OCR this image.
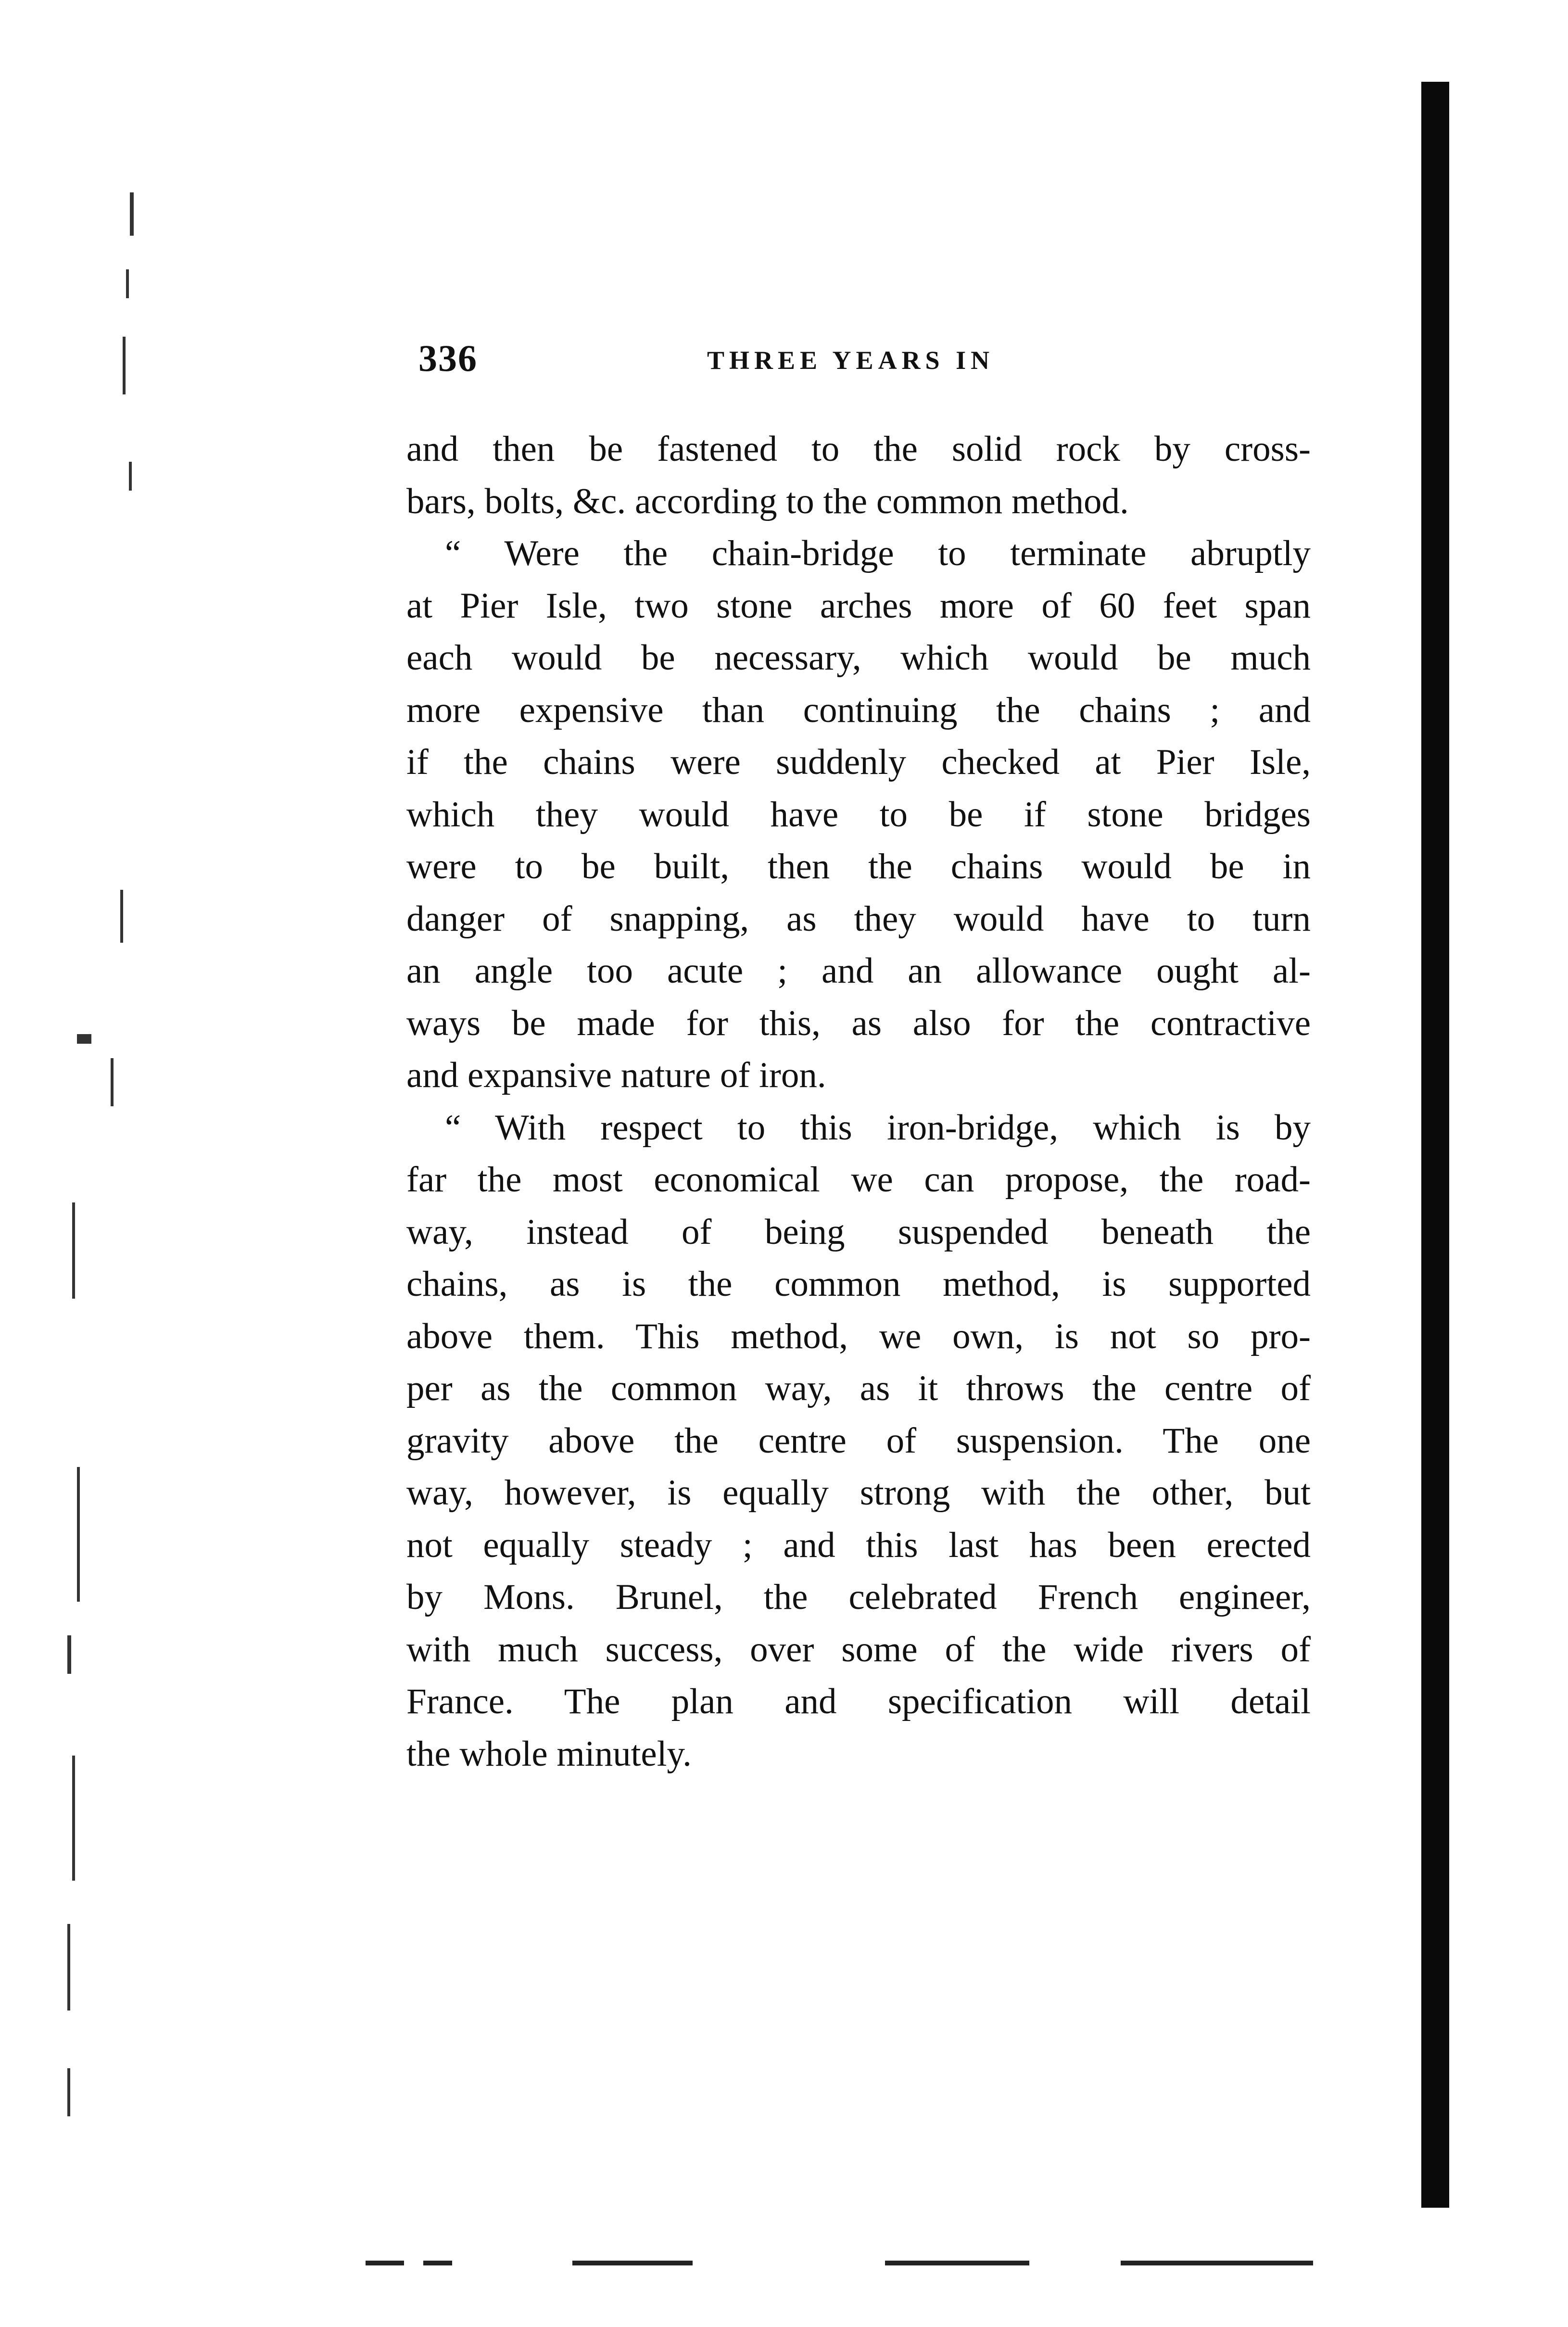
336	THREE YEARS IN

and then be fastened to the solid rock by cross-
bars, bolts, &c. according to the common method.

“ Were the chain-bridge to terminate abruptly
at Pier Isle, two stone arches more of 60 feet span
each would be necessary, which would be much
more expensive than continuing the chains ; and
if the chains were suddenly checked at Pier Isle,
which they would have to be if stone bridges
were to be built, then the chains would be in
danger of snapping, as they would have to turn
an angle too acute ; and an allowance ought al-
ways be made for this, as also for the contractive
and expansive nature of iron.

“ With respect to this iron-bridge, which is by
far the most economical we can propose, the road-
way, instead of being suspended beneath the
chains, as is the common method, is supported
above them. This method, we own, is not so pro-
per as the common way, as it throws the centre of
gravity above the centre of suspension. The one
way, however, is equally strong with the other, but
not equally steady ; and this last has been erected
by Mons. Brunel, the celebrated French engineer,
with much success, over some of the wide rivers of
France. The plan and specification will detail
the whole minutely.
